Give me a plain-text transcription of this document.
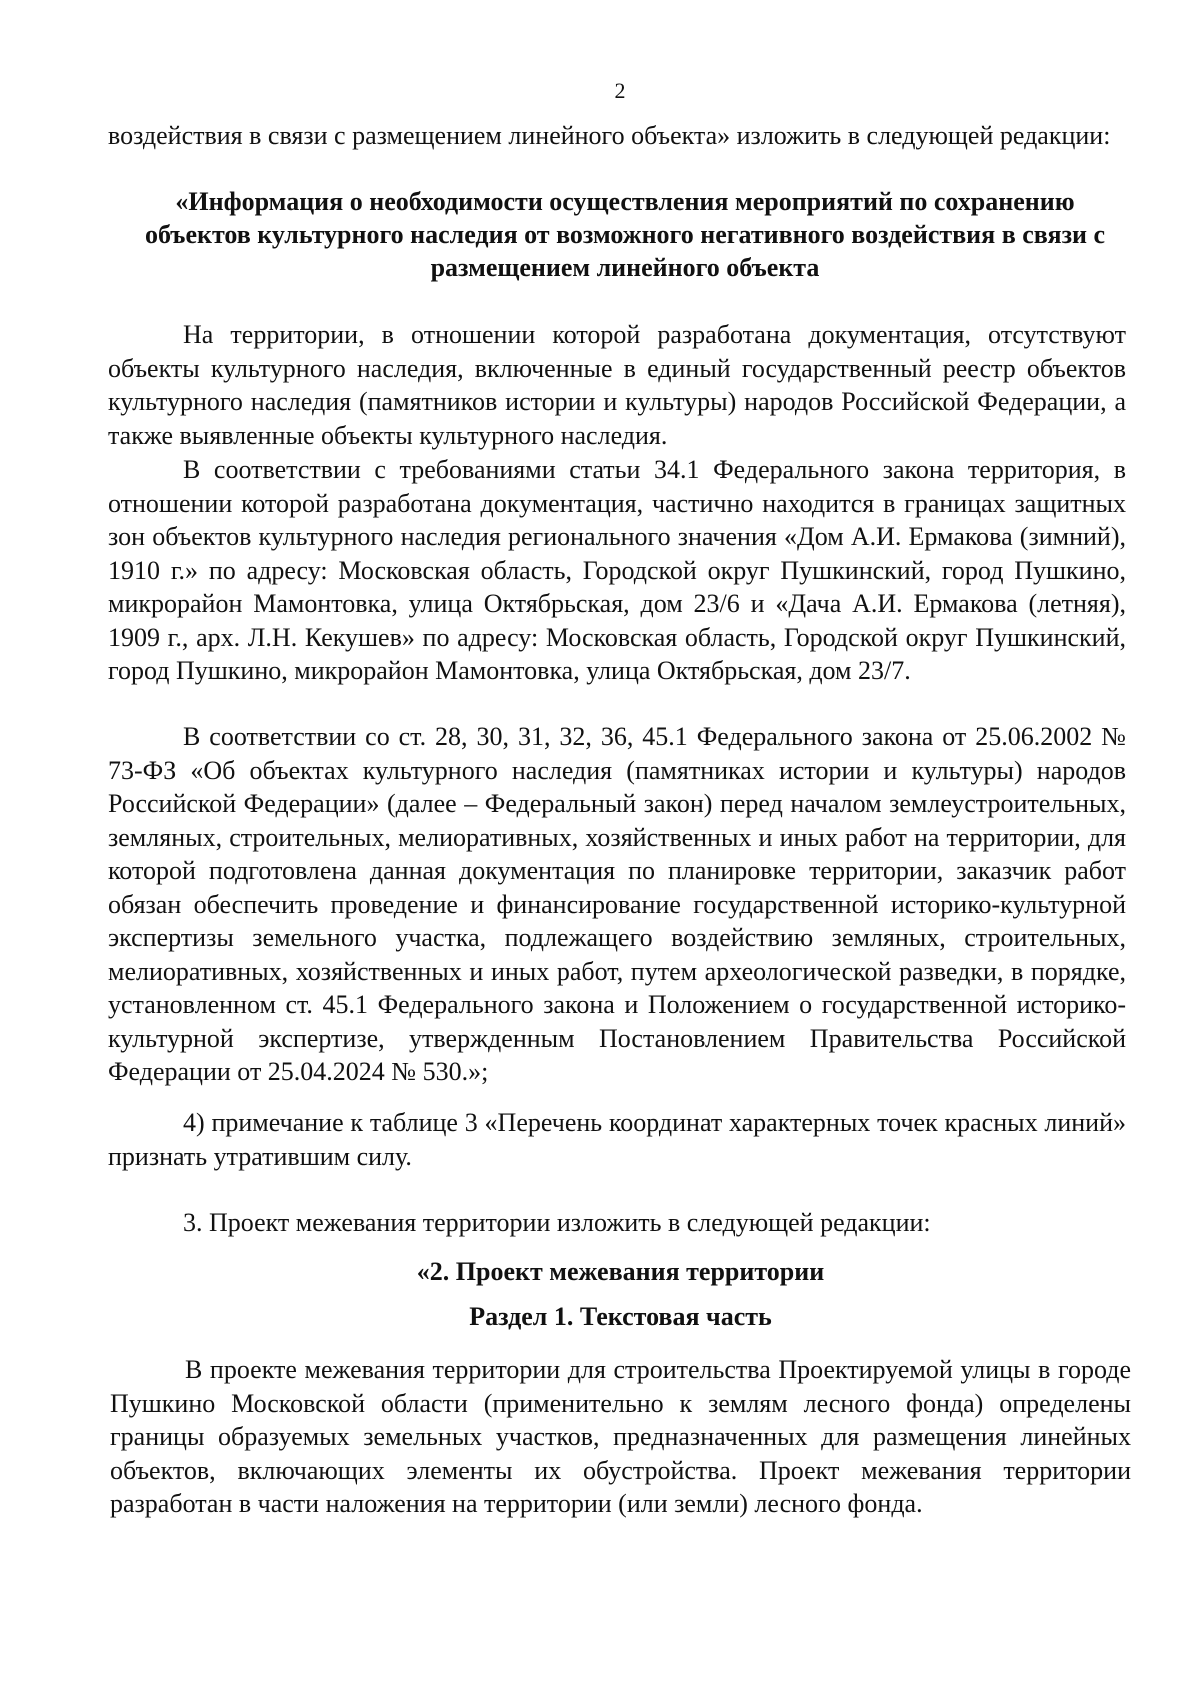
2

воздействия в связи с размещением линейного объекта» изложить в следующей редакции:

«Информация о необходимости осуществления мероприятий по сохранению объектов культурного наследия от возможного негативного воздействия в связи с размещением линейного объекта

На территории, в отношении которой разработана документация, отсутствуют объекты культурного наследия, включенные в единый государственный реестр объектов культурного наследия (памятников истории и культуры) народов Российской Федерации, а также выявленные объекты культурного наследия.

В соответствии с требованиями статьи 34.1 Федерального закона территория, в отношении которой разработана документация, частично находится в границах защитных зон объектов культурного наследия регионального значения «Дом А.И. Ермакова (зимний), 1910 г.» по адресу: Московская область, Городской округ Пушкинский, город Пушкино, микрорайон Мамонтовка, улица Октябрьская, дом 23/6 и «Дача А.И. Ермакова (летняя), 1909 г., арх. Л.Н. Кекушев» по адресу: Московская область, Городской округ Пушкинский, город Пушкино, микрорайон Мамонтовка, улица Октябрьская, дом 23/7.

В соответствии со ст. 28, 30, 31, 32, 36, 45.1 Федерального закона от 25.06.2002 № 73-ФЗ «Об объектах культурного наследия (памятниках истории и культуры) народов Российской Федерации» (далее – Федеральный закон) перед началом землеустроительных, земляных, строительных, мелиоративных, хозяйственных и иных работ на территории, для которой подготовлена данная документация по планировке территории, заказчик работ обязан обеспечить проведение и финансирование государственной историко-культурной экспертизы земельного участка, подлежащего воздействию земляных, строительных, мелиоративных, хозяйственных и иных работ, путем археологической разведки, в порядке, установленном ст. 45.1 Федерального закона и Положением о государственной историко-культурной экспертизе, утвержденным Постановлением Правительства Российской Федерации от 25.04.2024 № 530.»;

4) примечание к таблице 3 «Перечень координат характерных точек красных линий» признать утратившим силу.

3. Проект межевания территории изложить в следующей редакции:

«2. Проект межевания территории

Раздел 1. Текстовая часть

В проекте межевания территории для строительства Проектируемой улицы в городе Пушкино Московской области (применительно к землям лесного фонда) определены границы образуемых земельных участков, предназначенных для размещения линейных объектов, включающих элементы их обустройства. Проект межевания территории разработан в части наложения на территории (или земли) лесного фонда.
